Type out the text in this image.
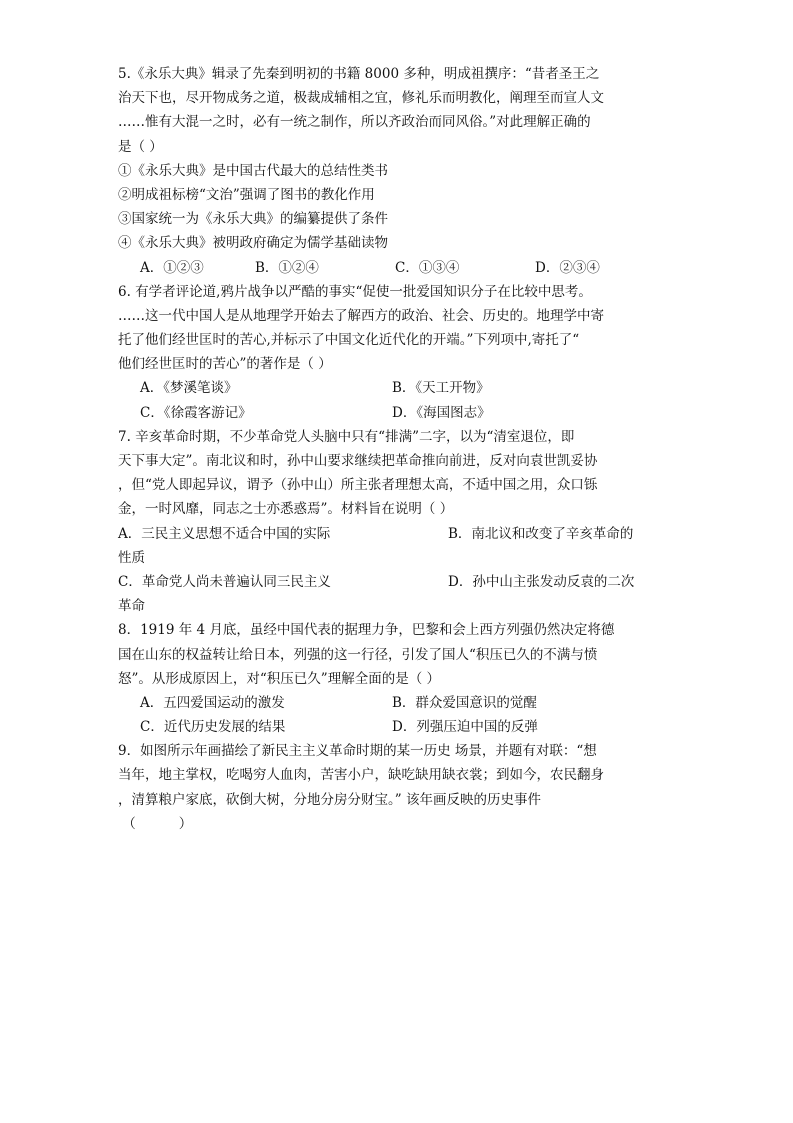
5.《永乐大典》辑录了先秦到明初的书籍 8000 多种，明成祖撰序：“昔者圣王之
治天下也，尽开物成务之道，极裁成辅相之宜，修礼乐而明教化，阐理至而宣人文
……惟有大混一之时，必有一统之制作，所以齐政治而同风俗。”对此理解正确的
是（ ）
①《永乐大典》是中国古代最大的总结性类书
②明成祖标榜“文治”强调了图书的教化作用
③国家统一为《永乐大典》的编纂提供了条件
④《永乐大典》被明政府确定为儒学基础读物
A．①②③	B．①②④	C．①③④	D．②③④
6. 有学者评论道,鸦片战争以严酷的事实“促使一批爱国知识分子在比较中思考。
……这一代中国人是从地理学开始去了解西方的政治、社会、历史的。地理学中寄
托了他们经世匡时的苦心,并标示了中国文化近代化的开端。”下列项中,寄托了“
他们经世匡时的苦心”的著作是（ ）
A．《梦溪笔谈》	B．《天工开物》
C．《徐霞客游记》	D．《海国图志》
7. 辛亥革命时期，不少革命党人头脑中只有“排满”二字，以为“清室退位，即
天下事大定”。南北议和时，孙中山要求继续把革命推向前进，反对向袁世凯妥协
，但“党人即起异议，谓予（孙中山）所主张者理想太高，不适中国之用，众口铄
金，一时风靡，同志之士亦悉惑焉”。材料旨在说明（ ）
A．三民主义思想不适合中国的实际	B．南北议和改变了辛亥革命的
性质
C．革命党人尚未普遍认同三民主义	D．孙中山主张发动反袁的二次
革命
8．1919 年 4 月底，虽经中国代表的据理力争，巴黎和会上西方列强仍然决定将德
国在山东的权益转让给日本，列强的这一行径，引发了国人“积压已久的不满与愤
怒”。从形成原因上，对“积压已久”理解全面的是（ ）
A．五四爱国运动的激发	B．群众爱国意识的觉醒
C．近代历史发展的结果	D．列强压迫中国的反弹
9．如图所示年画描绘了新民主主义革命时期的某一历史 场景，并题有对联：“想
当年，地主掌权，吃喝穷人血肉，苦害小户，缺吃缺用缺衣裳；到如今，农民翻身
，清算粮户家底，砍倒大树，分地分房分财宝。” 该年画反映的历史事件
（          ）
